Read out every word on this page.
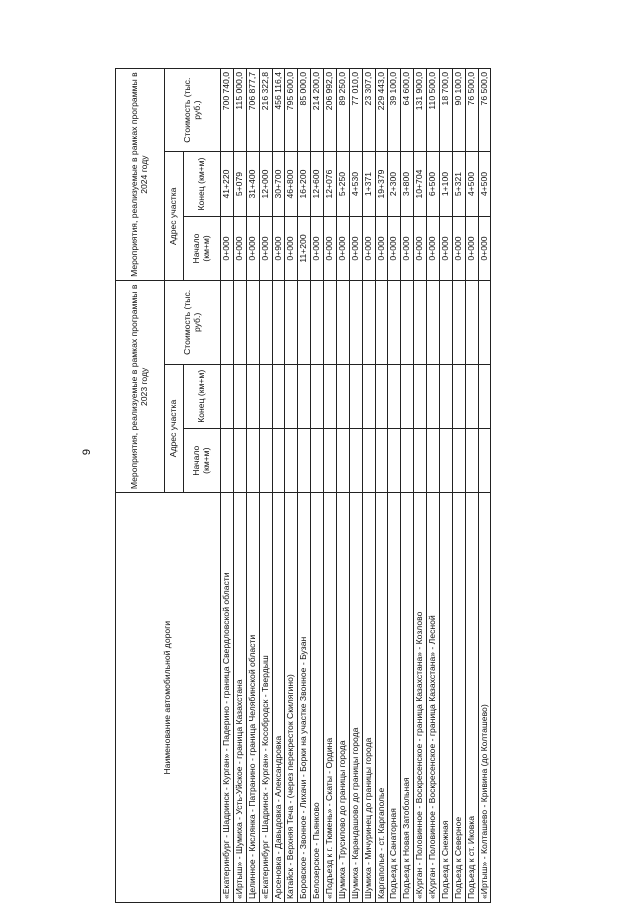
9
Наименование автомобильной дороги	Мероприятия, реализуемые в рамках программы в 2023 году			Мероприятия, реализуемые в рамках программы в 2024 году		
	Адрес участка		Стоимость (тыс. руб.)	Адрес участка		Стоимость (тыс. руб.)
	Начало (км+м)	Конец (км+м)		Начало (км+м)	Конец (км+м)	
«Екатеринбург - Шадринск - Курган» - Падерино - граница Свердловской области				0+000	41+220	700 740,0
«Иртыш» - Шумиха - Усть-Уйское - граница Казахстана				0+000	5+079	115 000,0
Целинное - Кислянка - Патранино - граница Челябинской области				0+000	31+400	706 877,7
«Екатеринбург - Шадринск - Курган» - Кособродск - Твердыш				0+000	12+000	216 322,8
Арсеновка - Давыдовка - Александровка				0+900	30+700	456 116,4
Катайск - Верхняя Теча - (через перекресток Скилягино)				0+000	46+800	795 600,0
Боровское - Звонное - Лихачи - Борки на участке Звонное - Бузан				11+200	16+200	85 000,0
Белозерское - Пьянково				0+000	12+600	214 200,0
«Подъезд к г. Тюмень» - Скаты - Ордина				0+000	12+076	206 992,0
Шумиха - Трусилово до границы города				0+000	5+250	89 250,0
Шумиха - Карандашово до границы города				0+000	4+530	77 010,0
Шумиха - Мичуринец до границы города				0+000	1+371	23 307,0
Каргаполье - ст. Каргаполье				0+000	19+379	229 443,0
Подъезд к Санаторная				0+000	2+300	39 100,0
Подъезд к Новая Затобольная				0+000	3+800	64 600,0
«Курган - Половинное - Воскресенское - граница Казахстана» - Козлово				0+000	10+704	131 900,0
«Курган - Половинное - Воскресенское - граница Казахстана» - Лесной				0+000	6+500	110 500,0
Подъезд к Снежная				0+000	1+100	18 700,0
Подъезд к Северное				0+000	5+321	90 100,0
Подъезд к ст. Иковка				0+000	4+500	76 500,0
«Иртыш» - Колташево - Кривина (до Колташево)				0+000	4+500	76 500,0
